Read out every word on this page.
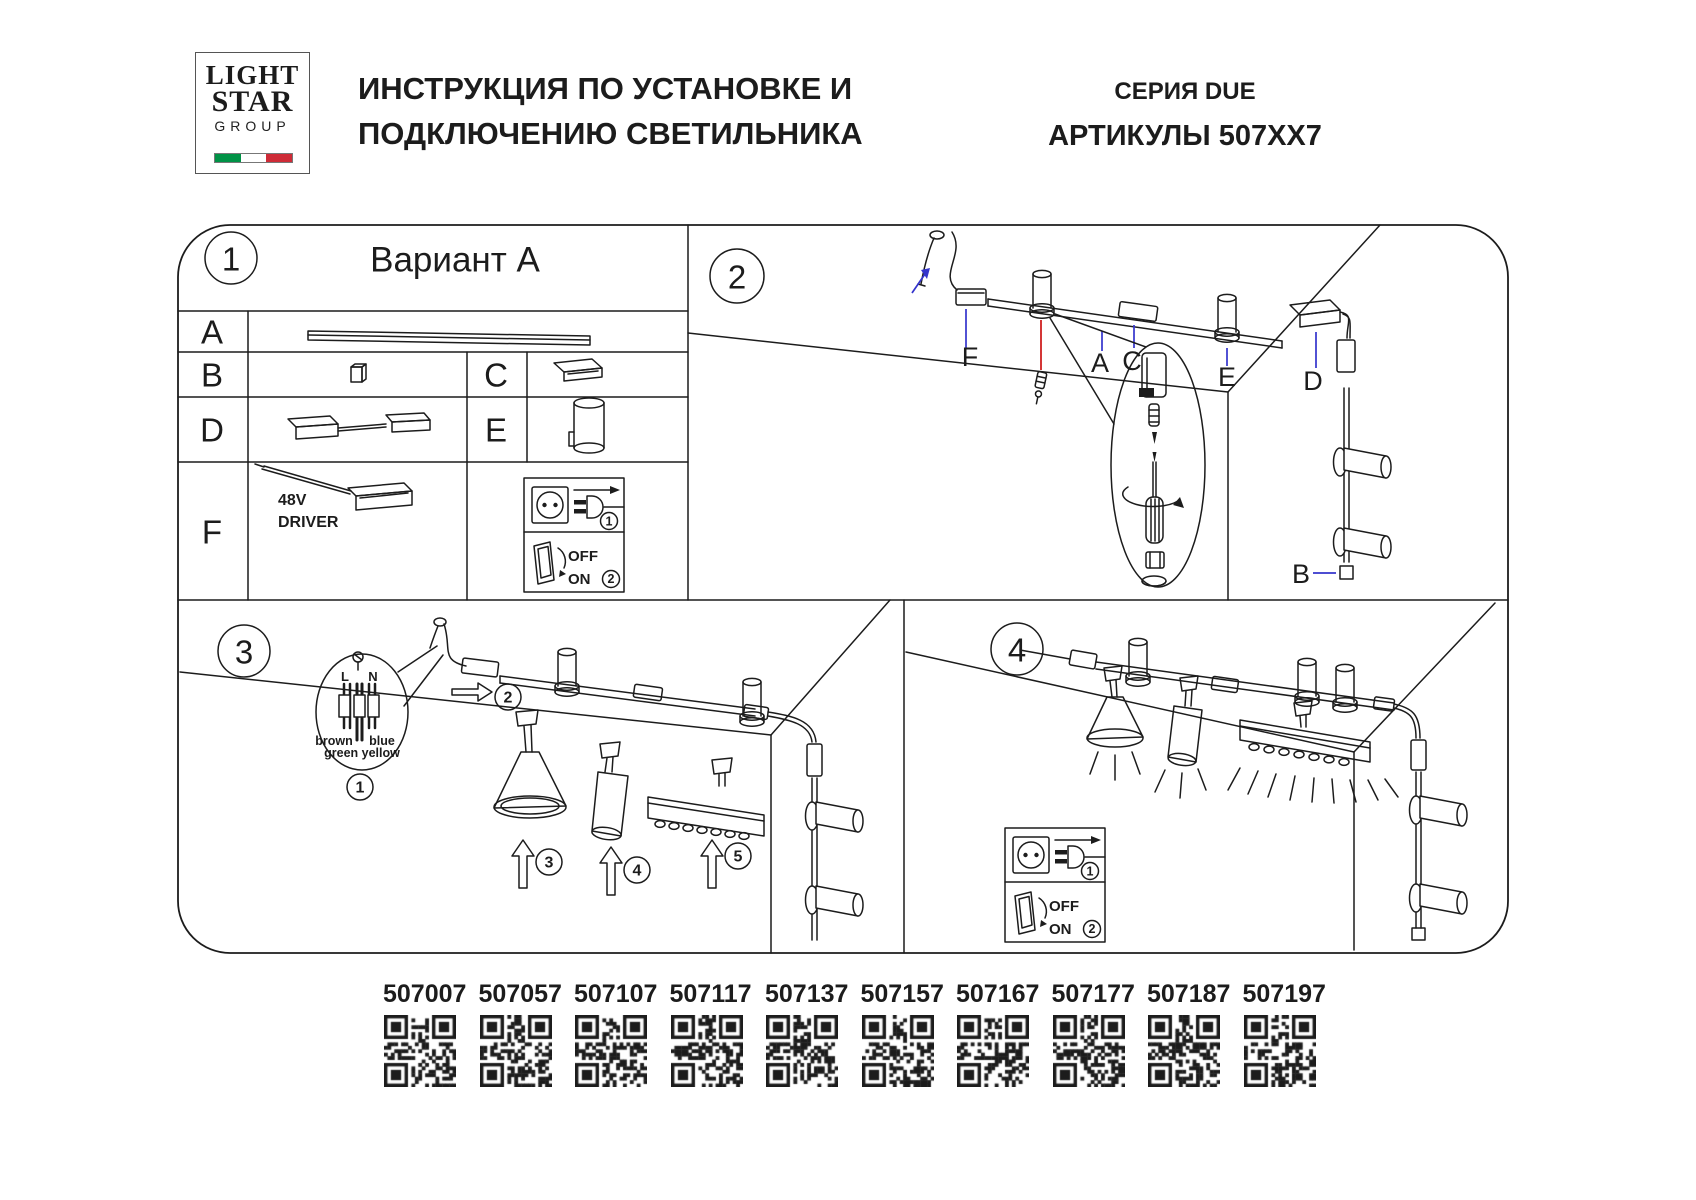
LIGHT
STAR
GROUP
ИНСТРУКЦИЯ ПО УСТАНОВКЕ И
ПОДКЛЮЧЕНИЮ СВЕТИЛЬНИКА
СЕРИЯ DUE
АРТИКУЛЫ 507XX7
1	Вариант А
A
B	C
D	E
F
48V
DRIVER	1
OFF
ON 2
2
F	A C
E D
B
3
L N
brown blue
green yellow
1
2
3	4
5
4
1
OFF
ON 2
507007 507057 507107 507117 507137 507157 507167 507177 507187 507197
